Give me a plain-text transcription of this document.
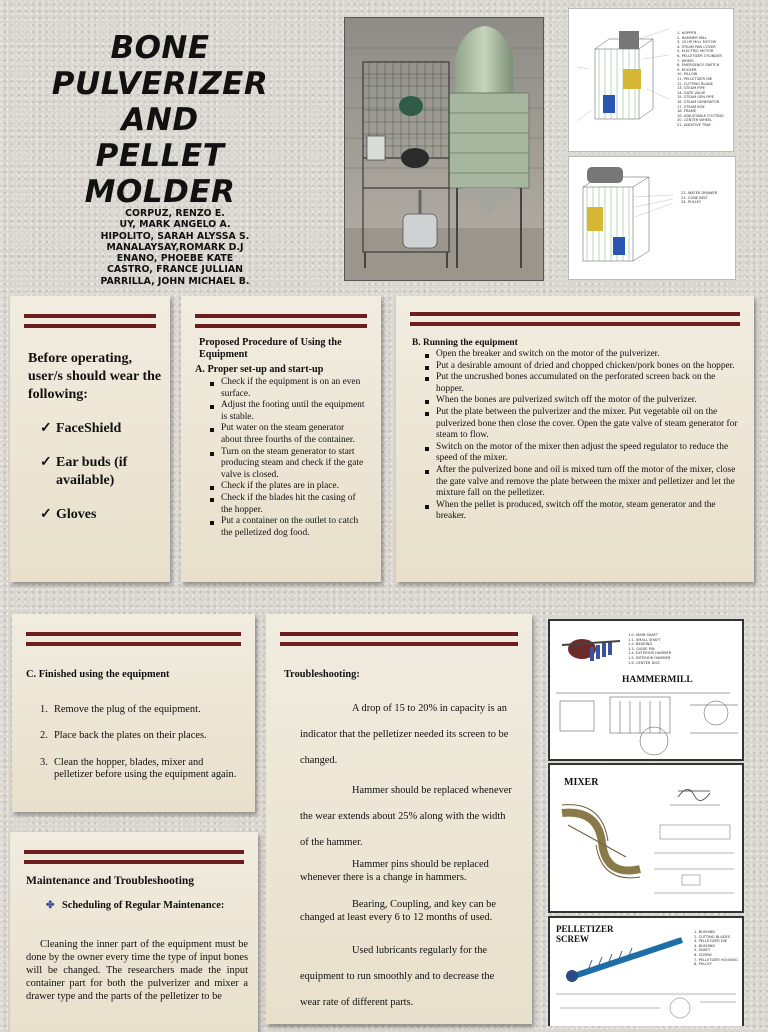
BONE
PULVERIZER
AND
PELLET
MOLDER
CORPUZ, RENZO E.
UY, MARK ANGELO A.
HIPOLITO, SARAH ALYSSA S.
MANALAYSAY,ROMARK D.J
ENANO, PHOEBE KATE
CASTRO, FRANCE JULLIAN
PARRILLA, JOHN MICHAEL B.
1. HOPPER
2. HAMMER MILL
3. 20 HP MILL MOTOR
4. STEAM PAN COVER
5. ELECTRIC MOTOR
6. PELLETIZER CYLINDER
7. WHEEL
8. EMERGENCY SWITCH
9. ROCKER
10. PILLOW
11. PELLETIZER DIE
12. CUTTING BLADE
13. STEAM PIPE
14. GATE VALVE
15. STEAM GEN PIPE
16. STEAM GENERATOR
17. STEAM BOX
18. FRAME
19. ADJUSTABLE FOOTING
20. CENTER WHEEL
21. ADDITIVE TRAY
22. WATER DRAWER
23. CONE BELT
24. PULLEY
Before operating, user/s should wear the following:
✓ FaceShield
✓ Ear buds (if available)
✓ Gloves
Proposed Procedure of Using the Equipment
A. Proper set-up and start-up
Check if the equipment is on an even surface.
Adjust the footing until the equipment is stable.
Put water on the steam generator about three fourths of the container.
Turn on the steam generator to start producing steam and check if the gate valve is closed.
Check if the plates are in place.
Check if the blades hit the casing of the hopper.
Put a container on the outlet to catch the pelletized dog food.
B. Running the equipment
Open the breaker and switch on the motor of the pulverizer.
Put a desirable amount of dried and chopped chicken/pork bones on the hopper.
Put the uncrushed bones accumulated on the perforated screen back on the hopper.
When the bones are pulverized switch off the motor of the pulverizer.
Put the plate between the pulverizer and the mixer. Put vegetable oil on the pulverized bone then close the cover. Open the gate valve of steam generator for steam to flow.
Switch on the motor of the mixer then adjust the speed regulator to reduce the speed of the mixer.
After the pulverized bone and oil is mixed turn off the motor of the mixer, close the gate valve and remove the plate between the mixer and pelletizer and let the mixture fall on the pelletizer.
When the pellet is produced, switch off the motor, steam generator and the breaker.
C. Finished using the equipment
1. Remove the plug of the equipment.
2. Place back the plates on their places.
3. Clean the hopper, blades, mixer and pelletizer before using the equipment again.
Maintenance and Troubleshooting
✤ Scheduling of Regular Maintenance:
Cleaning the inner part of the equipment must be done by the owner every time the type of input bones will be changed. The researchers made the input container part for both the pulverizer and mixer a drawer type and the parts of the pelletizer to be
Troubleshooting:
A drop of 15 to 20% in capacity is an indicator that the pelletizer needed its screen to be changed.
Hammer should be replaced whenever the wear extends about 25% along with the width of the hammer.
Hammer pins should be replaced whenever there is a change in hammers.
Bearing, Coupling, and key can be changed at least every 6 to 12 months of used.
Used lubricants regularly for the equipment to run smoothly and to decrease the wear rate of different parts.
1.0. MAIN SHAFT
1.1. SMALL SHAFT
1.2. BEARING
1.3. GUIDE PIN
1.4. EXTERIOR HAMMER
1.5. INTERIOR HAMMER
1.6. CENTER DISC
HAMMERMILL
MIXER
PELLETIZER SCREW
1. BUSHING
2. CUTTING BLADES
3. PELLETIZER DIE
4. BUSHING
5. SHAFT
6. SCREW
7. PELLETIZER HOUSING
8. PULLEY
